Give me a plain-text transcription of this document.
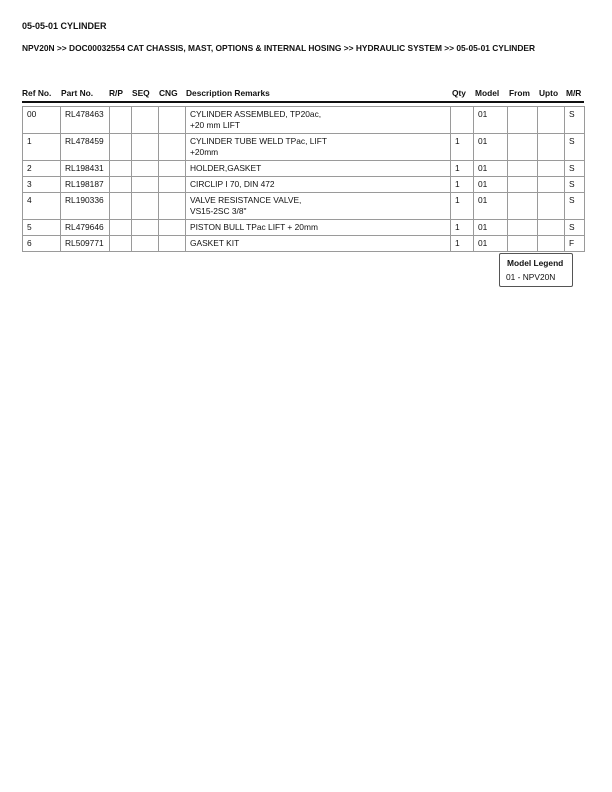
05-05-01 CYLINDER
NPV20N >> DOC00032554 CAT CHASSIS, MAST, OPTIONS & INTERNAL HOSING >> HYDRAULIC SYSTEM >> 05-05-01 CYLINDER
Ref No. Part No. R/P SEQ CNG Description Remarks	Qty Model From Upto M/R
00	RL478463				CYLINDER ASSEMBLED, TP20ac,
+20 mm LIFT		01			S
1	RL478459				CYLINDER TUBE WELD TPac, LIFT
+20mm	1	01			S
2	RL198431				HOLDER,GASKET	1	01			S
3	RL198187				CIRCLIP I 70, DIN 472	1	01			S
4	RL190336				VALVE RESISTANCE VALVE,
VS15-2SC 3/8"	1	01			S
5	RL479646				PISTON BULL TPac LIFT + 20mm	1	01			S
6	RL509771				GASKET KIT	1	01			F
Model Legend
01 - NPV20N
